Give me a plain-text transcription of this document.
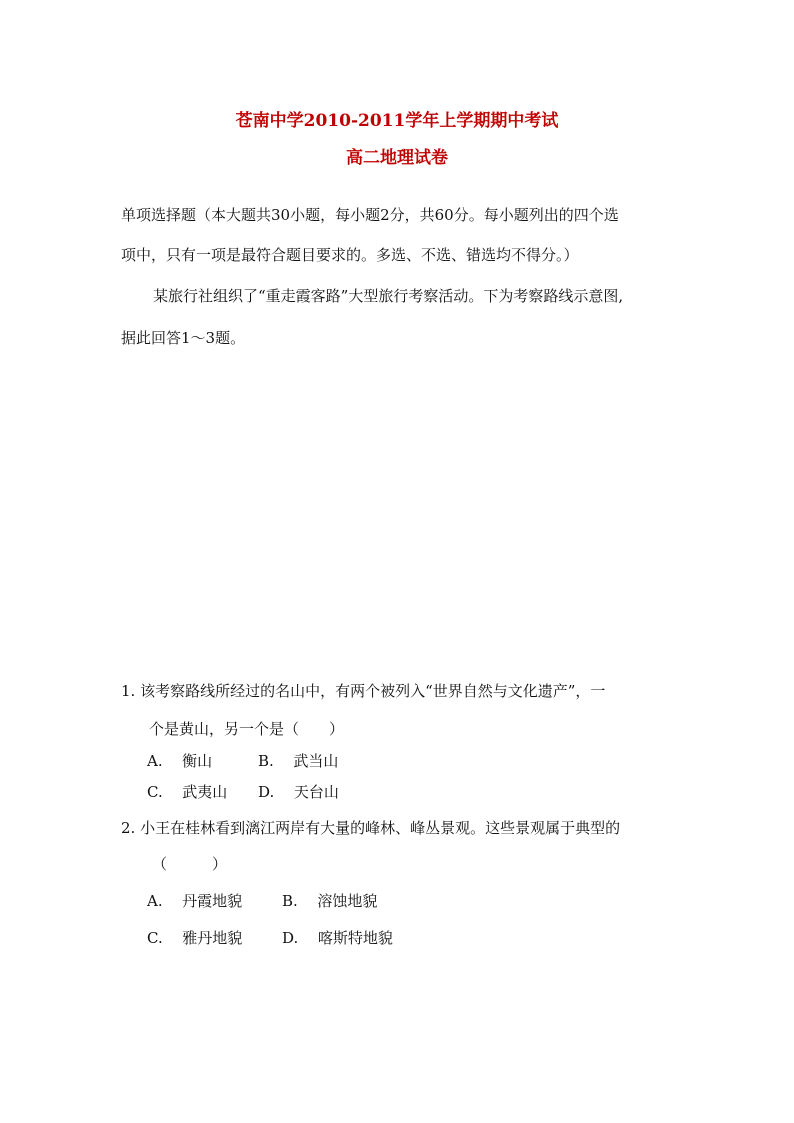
苍南中学2010-2011学年上学期期中考试
高二地理试卷
单项选择题（本大题共30小题，每小题2分，共60分。每小题列出的四个选
项中，只有一项是最符合题目要求的。多选、不选、错选均不得分。）
某旅行社组织了“重走霞客路”大型旅行考察活动。下为考察路线示意图,
据此回答1～3题。
1. 该考察路线所经过的名山中，有两个被列入“世界自然与文化遗产”，一
个是黄山，另一个是（　　）
A. 衡山	B. 武当山
C. 武夷山 D. 天台山
2. 小王在桂林看到漓江两岸有大量的峰林、峰丛景观。这些景观属于典型的
（　　　）
A. 丹霞地貌	B. 溶蚀地貌
C. 雅丹地貌	D. 喀斯特地貌
